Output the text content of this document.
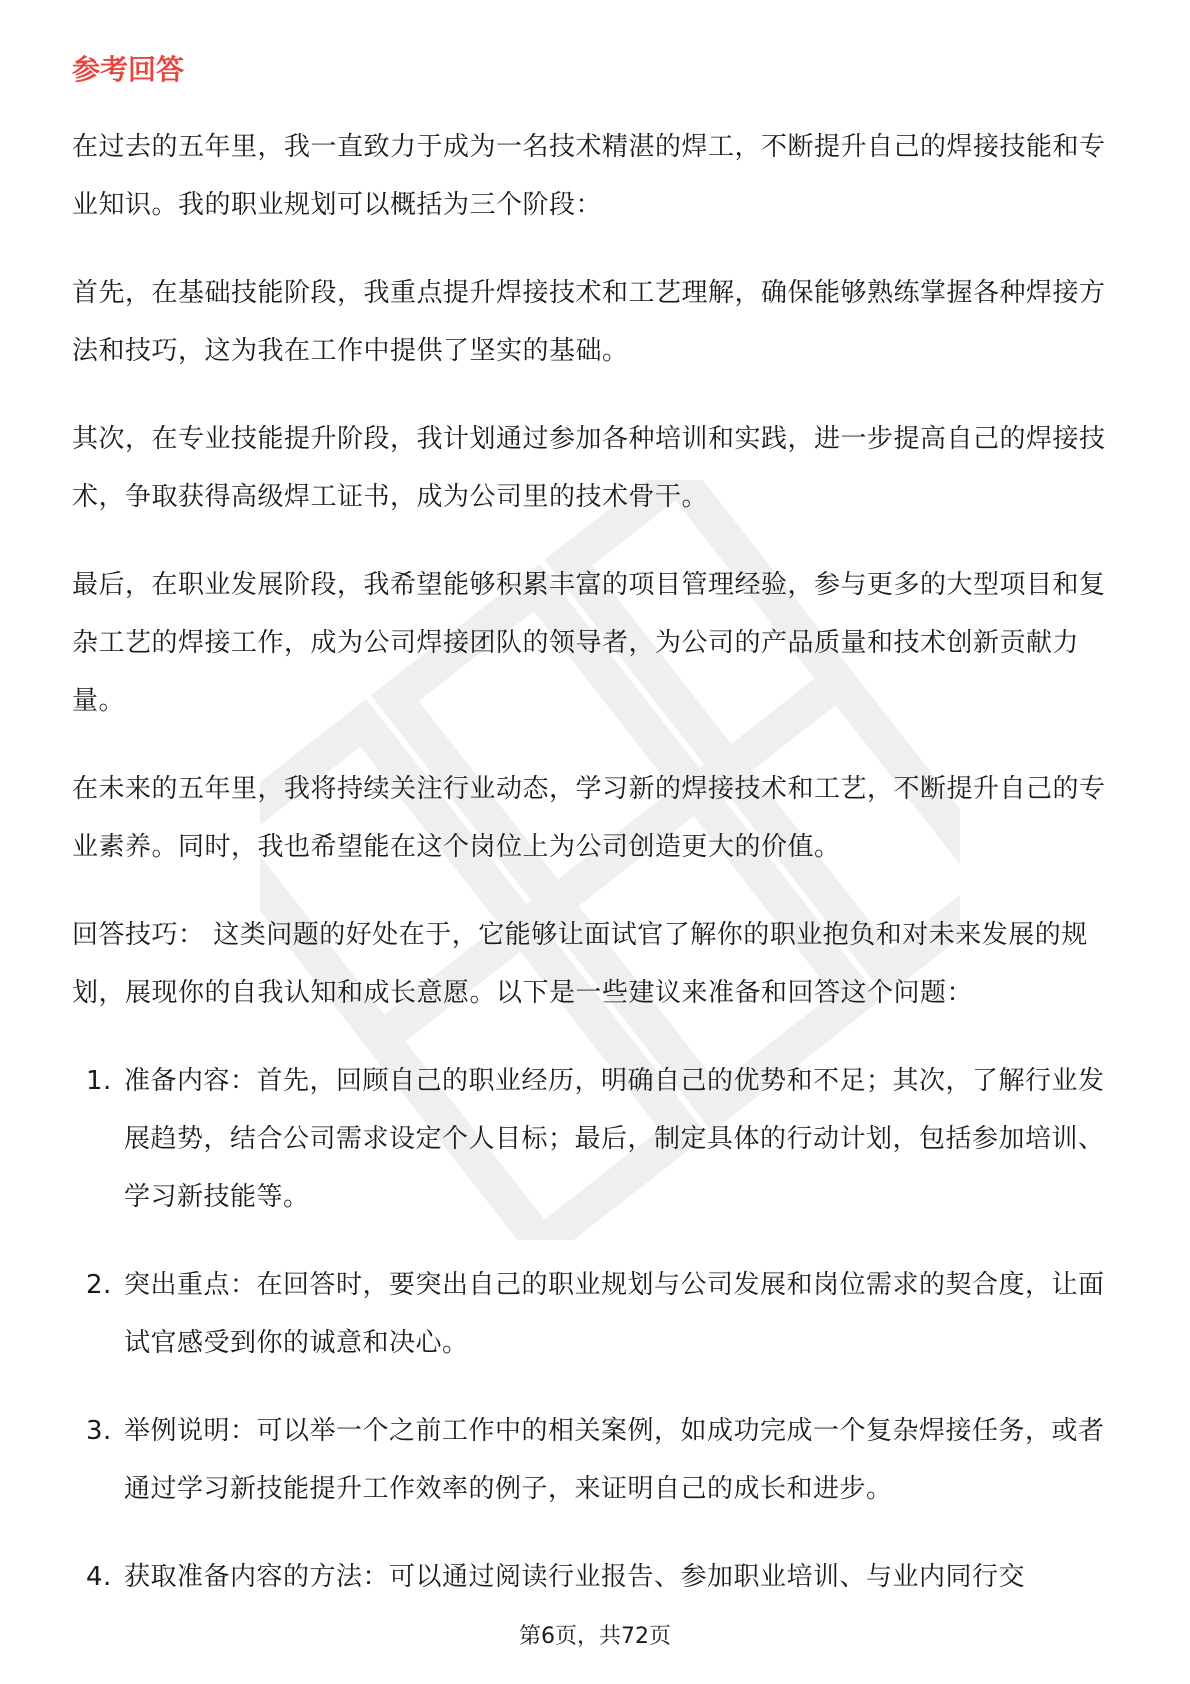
参考回答

在过去的五年里，我一直致力于成为一名技术精湛的焊工，不断提升自己的焊接技能和专业知识。我的职业规划可以概括为三个阶段：

首先，在基础技能阶段，我重点提升焊接技术和工艺理解，确保能够熟练掌握各种焊接方法和技巧，这为我在工作中提供了坚实的基础。

其次，在专业技能提升阶段，我计划通过参加各种培训和实践，进一步提高自己的焊接技术，争取获得高级焊工证书，成为公司里的技术骨干。

最后，在职业发展阶段，我希望能够积累丰富的项目管理经验，参与更多的大型项目和复杂工艺的焊接工作，成为公司焊接团队的领导者，为公司的产品质量和技术创新贡献力量。

在未来的五年里，我将持续关注行业动态，学习新的焊接技术和工艺，不断提升自己的专业素养。同时，我也希望能在这个岗位上为公司创造更大的价值。

回答技巧： 这类问题的好处在于，它能够让面试官了解你的职业抱负和对未来发展的规划，展现你的自我认知和成长意愿。以下是一些建议来准备和回答这个问题：

1. 准备内容：首先，回顾自己的职业经历，明确自己的优势和不足；其次，了解行业发展趋势，结合公司需求设定个人目标；最后，制定具体的行动计划，包括参加培训、学习新技能等。
2. 突出重点：在回答时，要突出自己的职业规划与公司发展和岗位需求的契合度，让面试官感受到你的诚意和决心。
3. 举例说明：可以举一个之前工作中的相关案例，如成功完成一个复杂焊接任务，或者通过学习新技能提升工作效率的例子，来证明自己的成长和进步。
4. 获取准备内容的方法：可以通过阅读行业报告、参加职业培训、与业内同行交
第6页，共72页
